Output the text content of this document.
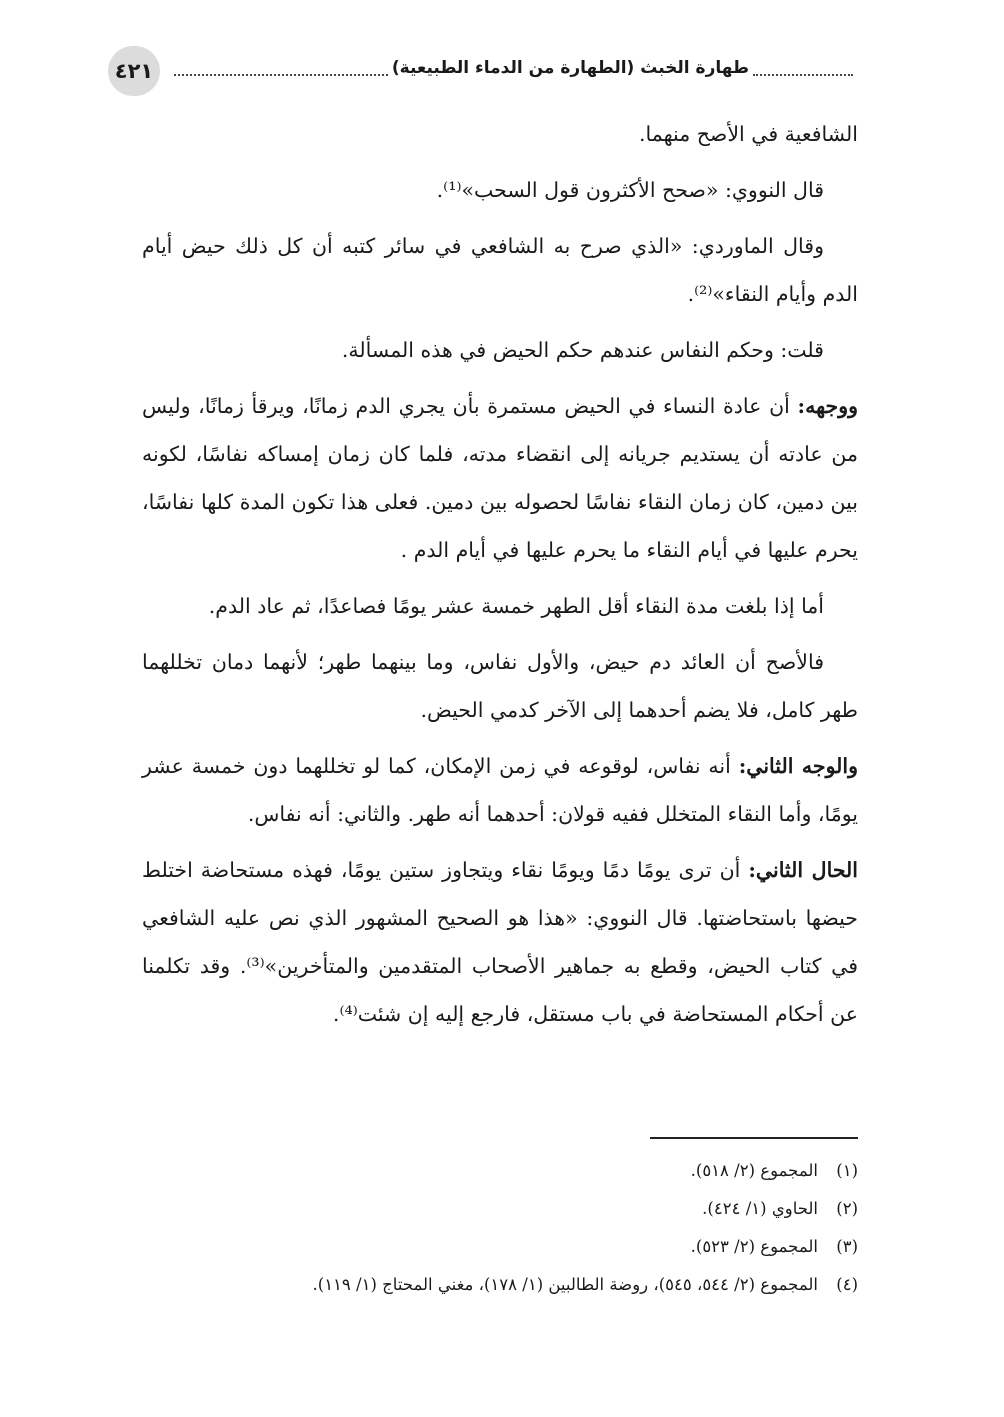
٤٢١	طهارة الخبث (الطهارة من الدماء الطبيعية)

الشافعية في الأصح منهما.

قال النووي: «صحح الأكثرون قول السحب»⁽¹⁾.

وقال الماوردي: «الذي صرح به الشافعي في سائر كتبه أن كل ذلك حيض أيام الدم وأيام النقاء»⁽²⁾.

قلت: وحكم النفاس عندهم حكم الحيض في هذه المسألة.

ووجهه: أن عادة النساء في الحيض مستمرة بأن يجري الدم زمانًا، ويرقأ زمانًا، وليس من عادته أن يستديم جريانه إلى انقضاء مدته، فلما كان زمان إمساكه نفاسًا، لكونه بين دمين، كان زمان النقاء نفاسًا لحصوله بين دمين. فعلى هذا تكون المدة كلها نفاسًا، يحرم عليها في أيام النقاء ما يحرم عليها في أيام الدم .

أما إذا بلغت مدة النقاء أقل الطهر خمسة عشر يومًا فصاعدًا، ثم عاد الدم.

فالأصح أن العائد دم حيض، والأول نفاس، وما بينهما طهر؛ لأنهما دمان تخللهما طهر كامل، فلا يضم أحدهما إلى الآخر كدمي الحيض.

والوجه الثاني: أنه نفاس، لوقوعه في زمن الإمكان، كما لو تخللهما دون خمسة عشر يومًا، وأما النقاء المتخلل ففيه قولان: أحدهما أنه طهر. والثاني: أنه نفاس.

الحال الثاني: أن ترى يومًا دمًا ويومًا نقاء ويتجاوز ستين يومًا، فهذه مستحاضة اختلط حيضها باستحاضتها. قال النووي: «هذا هو الصحيح المشهور الذي نص عليه الشافعي في كتاب الحيض، وقطع به جماهير الأصحاب المتقدمين والمتأخرين»⁽³⁾. وقد تكلمنا عن أحكام المستحاضة في باب مستقل، فارجع إليه إن شئت⁽⁴⁾.

(١)
المجموع (٢/ ٥١٨).
(٢)
الحاوي (١/ ٤٢٤).
(٣)
المجموع (٢/ ٥٢٣).
(٤)
المجموع (٢/ ٥٤٤، ٥٤٥)، روضة الطالبين (١/ ١٧٨)، مغني المحتاج (١/ ١١٩).
